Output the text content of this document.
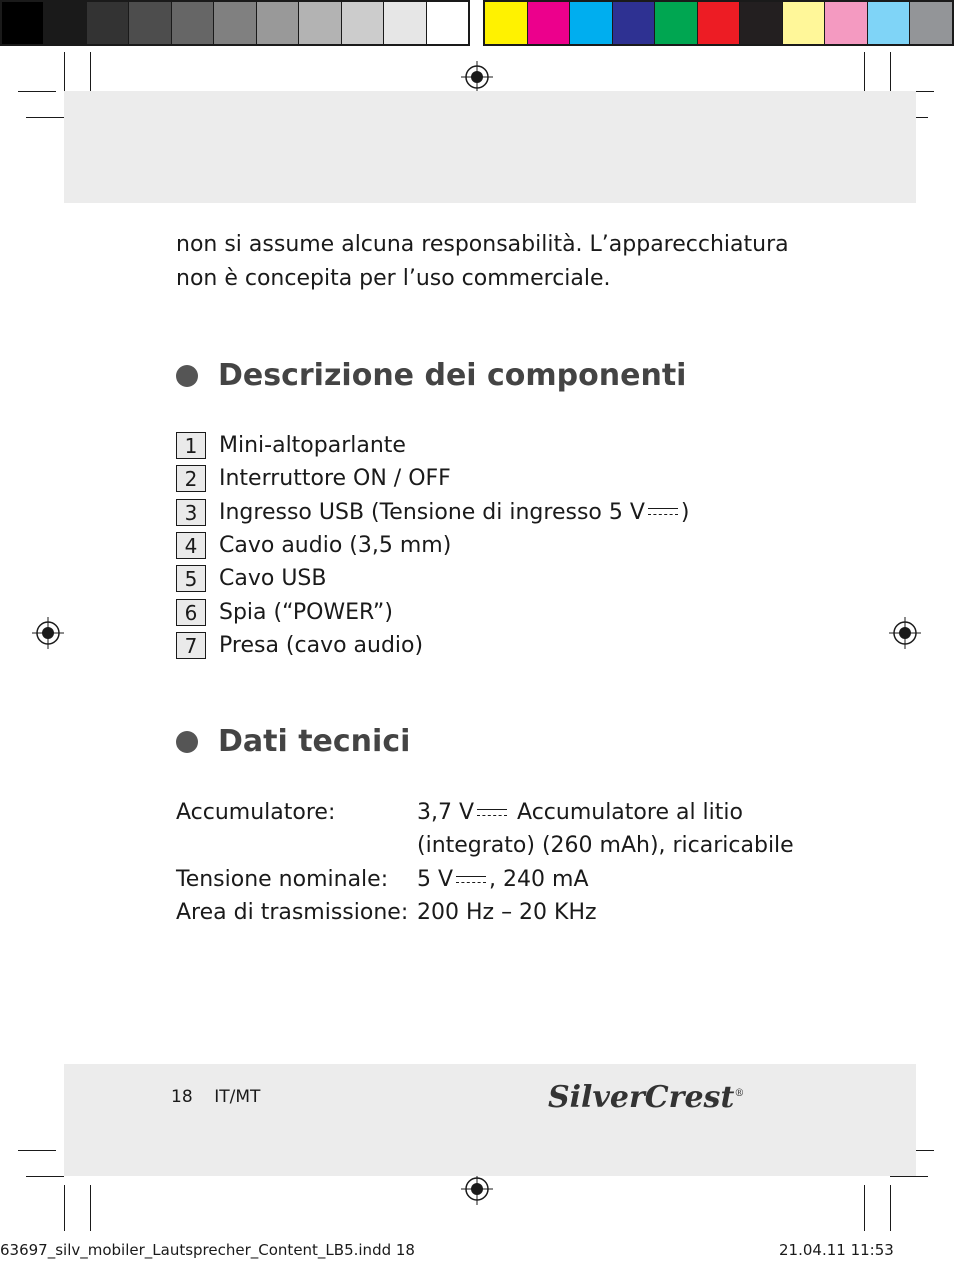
non si assume alcuna responsabilità. L’apparecchiatura
non è concepita per l’uso commerciale.
Descrizione dei componenti
1 Mini-altoparlante
2 Interruttore ON / OFF
3 Ingresso USB (Tensione di ingresso 5 V )
4 Cavo audio (3,5 mm)
5 Cavo USB
6 Spia (“POWER”)
7 Presa (cavo audio)
Dati tecnici
Accumulatore:	3,7 V Accumulatore al litio
(integrato) (260 mAh), ricaricabile
Tensione nominale:	5 V , 240 mA
Area di trasmissione: 200 Hz – 20 KHz
18 IT/MT	SilverCrest®
63697_silv_mobiler_Lautsprecher_Content_LB5.indd 18	21.04.11 11:53
